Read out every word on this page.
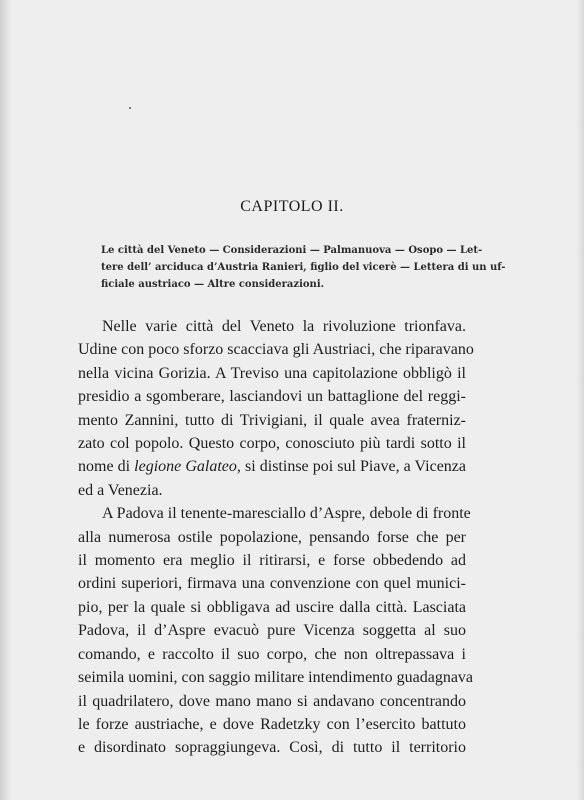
CAPITOLO II.
Le città del Veneto — Considerazioni — Palmanuova — Osopo — Let-
tere dell’ arciduca d’Austria Ranieri, figlio del vicerè — Lettera di un uf-
ficiale austriaco — Altre considerazioni.
Nelle varie città del Veneto la rivoluzione trionfava.
Udine con poco sforzo scacciava gli Austriaci, che riparavano
nella vicina Gorizia. A Treviso una capitolazione obbligò il
presidio a sgomberare, lasciandovi un battaglione del reggi-
mento Zannini, tutto di Trivigiani, il quale avea fraterniz-
zato col popolo. Questo corpo, conosciuto più tardi sotto il
nome di legione Galateo, si distinse poi sul Piave, a Vicenza
ed a Venezia.
A Padova il tenente-maresciallo d’Aspre, debole di fronte
alla numerosa ostile popolazione, pensando forse che per
il momento era meglio il ritirarsi, e forse obbedendo ad
ordini superiori, firmava una convenzione con quel munici-
pio, per la quale si obbligava ad uscire dalla città. Lasciata
Padova, il d’Aspre evacuò pure Vicenza soggetta al suo
comando, e raccolto il suo corpo, che non oltrepassava i
seimila uomini, con saggio militare intendimento guadagnava
il quadrilatero, dove mano mano si andavano concentrando
le forze austriache, e dove Radetzky con l’esercito battuto
e disordinato sopraggiungeva. Così, di tutto il territorio
